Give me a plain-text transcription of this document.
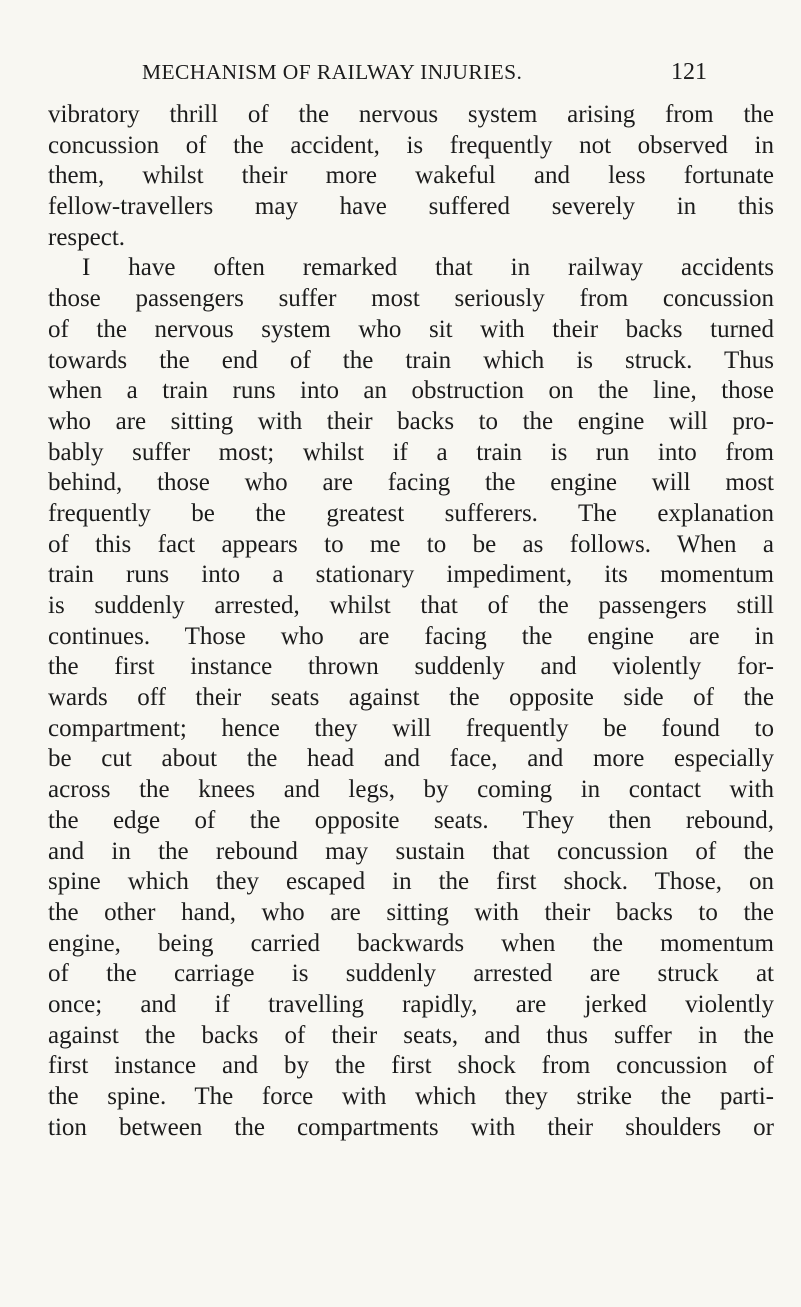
MECHANISM OF RAILWAY INJURIES.	121
vibratory thrill of the nervous system arising from the
concussion of the accident, is frequently not observed in
them, whilst their more wakeful and less fortunate
fellow-travellers may have suffered severely in this
respect.
I have often remarked that in railway accidents
those passengers suffer most seriously from concussion
of the nervous system who sit with their backs turned
towards the end of the train which is struck. Thus
when a train runs into an obstruction on the line, those
who are sitting with their backs to the engine will pro-
bably suffer most; whilst if a train is run into from
behind, those who are facing the engine will most
frequently be the greatest sufferers. The explanation
of this fact appears to me to be as follows. When a
train runs into a stationary impediment, its momentum
is suddenly arrested, whilst that of the passengers still
continues. Those who are facing the engine are in
the first instance thrown suddenly and violently for-
wards off their seats against the opposite side of the
compartment; hence they will frequently be found to
be cut about the head and face, and more especially
across the knees and legs, by coming in contact with
the edge of the opposite seats. They then rebound,
and in the rebound may sustain that concussion of the
spine which they escaped in the first shock. Those, on
the other hand, who are sitting with their backs to the
engine, being carried backwards when the momentum
of the carriage is suddenly arrested are struck at
once; and if travelling rapidly, are jerked violently
against the backs of their seats, and thus suffer in the
first instance and by the first shock from concussion of
the spine. The force with which they strike the parti-
tion between the compartments with their shoulders or
